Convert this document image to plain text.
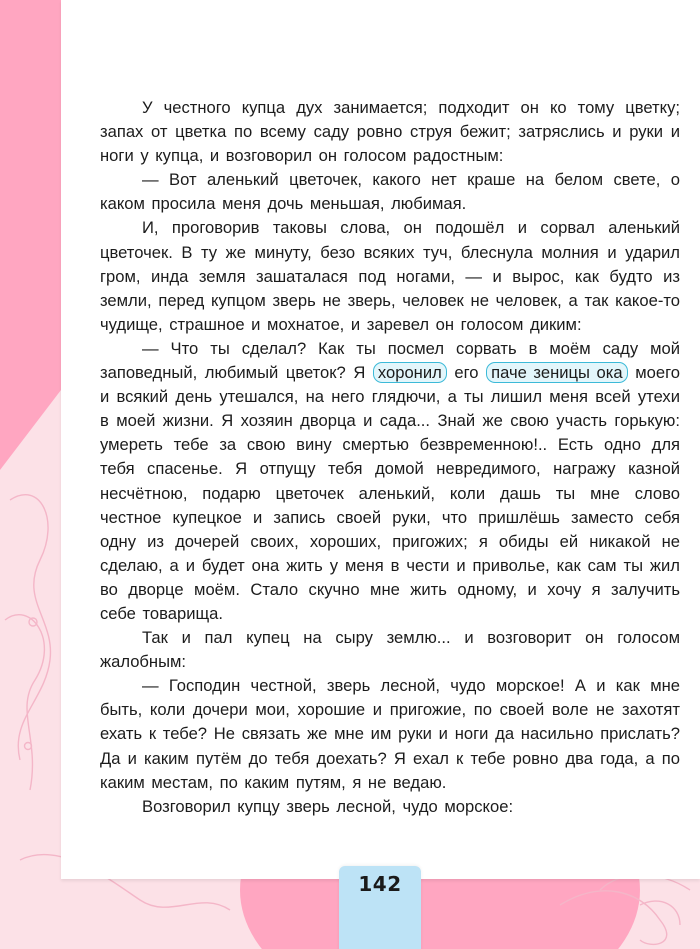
У честного купца дух занимается; подходит он ко тому цветку; запах от цветка по всему саду ровно струя бежит; затряслись и руки и ноги у купца, и возговорил он голосом радостным:

— Вот аленький цветочек, какого нет краше на белом свете, о каком просила меня дочь меньшая, любимая.

И, проговорив таковы слова, он подошёл и сорвал аленький цветочек. В ту же минуту, безо всяких туч, блеснула молния и ударил гром, инда земля зашаталася под ногами, — и вырос, как будто из земли, перед купцом зверь не зверь, человек не человек, а так какое-то чудище, страшное и мохнатое, и заревел он голосом диким:

— Что ты сделал? Как ты посмел сорвать в моём саду мой заповедный, любимый цветок? Я хоронил его паче зеницы ока моего и всякий день утешался, на него глядючи, а ты лишил меня всей утехи в моей жизни. Я хозяин дворца и сада... Знай же свою участь горькую: умереть тебе за свою вину смертью безвременною!.. Есть одно для тебя спасенье. Я отпущу тебя домой невредимого, награжу казной несчётною, подарю цветочек аленький, коли дашь ты мне слово честное купецкое и запись своей руки, что пришлёшь заместо себя одну из дочерей своих, хороших, пригожих; я обиды ей никакой не сделаю, а и будет она жить у меня в чести и приволье, как сам ты жил во дворце моём. Стало скучно мне жить одному, и хочу я залучить себе товарища.

Так и пал купец на сыру землю... и возговорит он голосом жалобным:

— Господин честной, зверь лесной, чудо морское! А и как мне быть, коли дочери мои, хорошие и пригожие, по своей воле не захотят ехать к тебе? Не связать же мне им руки и ноги да насильно прислать? Да и каким путём до тебя доехать? Я ехал к тебе ровно два года, а по каким местам, по каким путям, я не ведаю.

Возговорил купцу зверь лесной, чудо морское:

142
